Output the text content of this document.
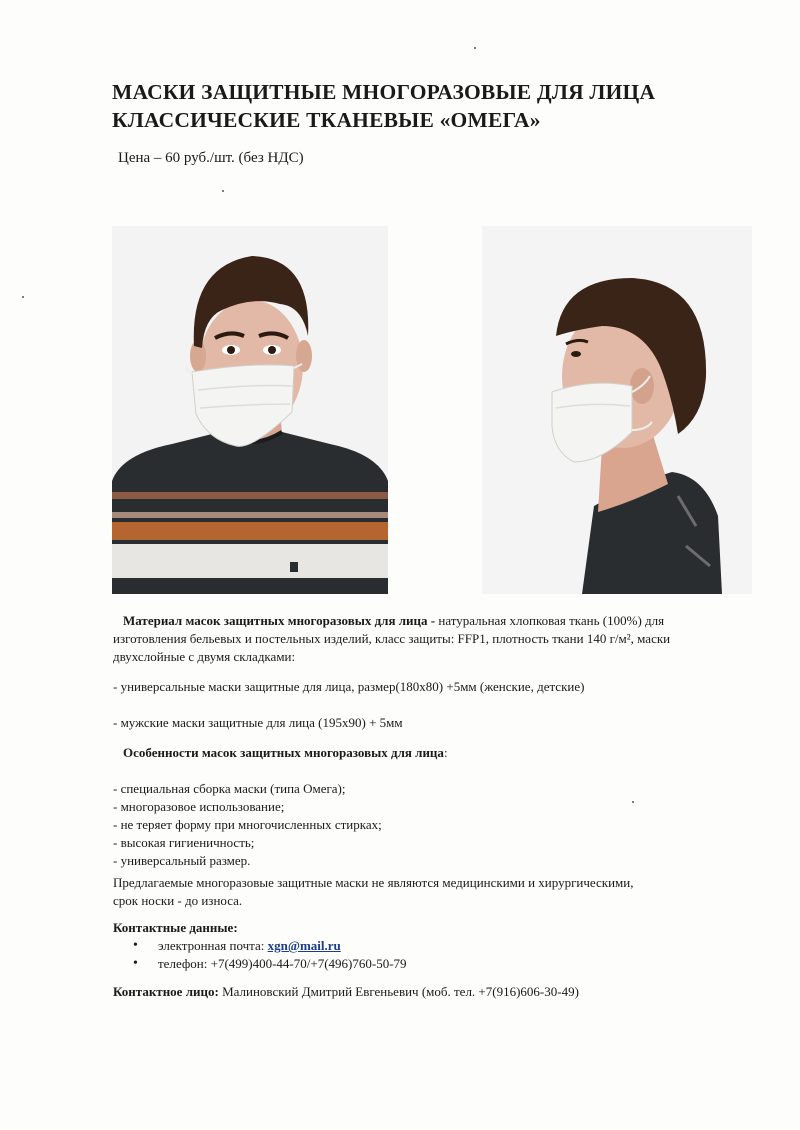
МАСКИ ЗАЩИТНЫЕ МНОГОРАЗОВЫЕ ДЛЯ ЛИЦА
КЛАССИЧЕСКИЕ ТКАНЕВЫЕ «ОМЕГА»
Цена – 60 руб./шт. (без НДС)
Материал масок защитных многоразовых для лица - натуральная хлопковая ткань (100%) для
изготовления бельевых и постельных изделий, класс защиты: FFP1, плотность ткани 140 г/м², маски
двухслойные с двумя складками:
- универсальные маски защитные для лица, размер(180х80) +5мм (женские, детские)
- мужские маски защитные для лица (195х90) + 5мм
Особенности масок защитных многоразовых для лица:
- специальная сборка маски (типа Омега);
- многоразовое использование;
- не теряет форму при многочисленных стирках;
- высокая гигиеничность;
- универсальный размер.
Предлагаемые многоразовые защитные маски не являются медицинскими и хирургическими,
срок носки - до износа.
Контактные данные:
• электронная почта: xgn@mail.ru
• телефон: +7(499)400-44-70/+7(496)760-50-79
Контактное лицо: Малиновский Дмитрий Евгеньевич (моб. тел. +7(916)606-30-49)
